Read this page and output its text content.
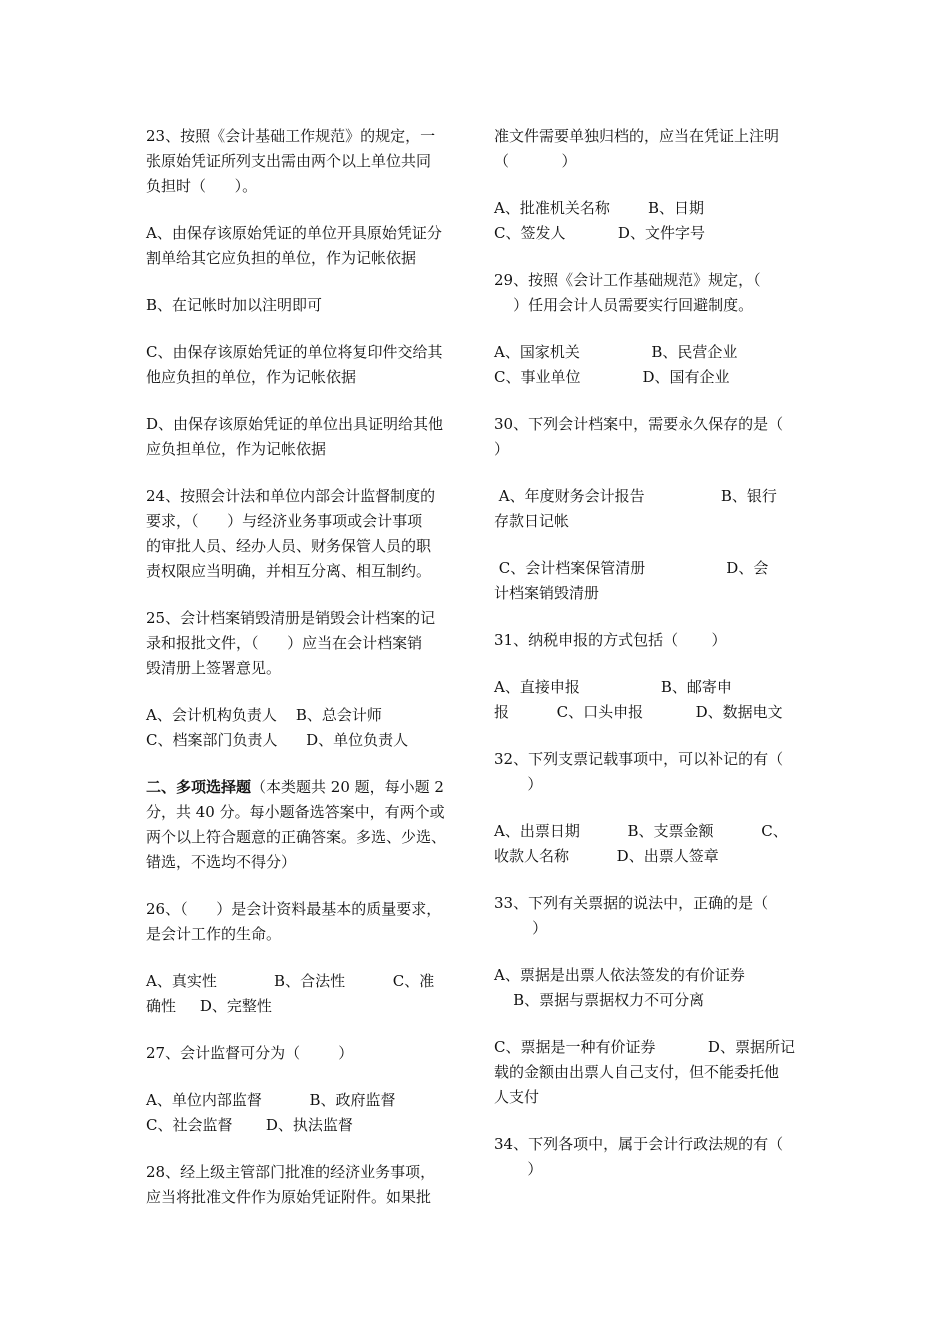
23、按照《会计基础工作规范》的规定，一
张原始凭证所列支出需由两个以上单位共同
负担时（      ）。
A、由保存该原始凭证的单位开具原始凭证分
割单给其它应负担的单位，作为记帐依据
B、在记帐时加以注明即可
C、由保存该原始凭证的单位将复印件交给其
他应负担的单位，作为记帐依据
D、由保存该原始凭证的单位出具证明给其他
应负担单位，作为记帐依据
24、按照会计法和单位内部会计监督制度的
要求，（      ）与经济业务事项或会计事项
的审批人员、经办人员、财务保管人员的职
责权限应当明确，并相互分离、相互制约。
25、会计档案销毁清册是销毁会计档案的记
录和报批文件，（      ）应当在会计档案销
毁清册上签署意见。
A、会计机构负责人    B、总会计师
C、档案部门负责人      D、单位负责人
二、多项选择题（本类题共 20 题，每小题 2
分，共 40 分。每小题备选答案中，有两个或
两个以上符合题意的正确答案。多选、少选、
错选，不选均不得分）
26、（      ）是会计资料最基本的质量要求，
是会计工作的生命。
A、真实性            B、合法性          C、准
确性     D、完整性
27、会计监督可分为（        ）
A、单位内部监督          B、政府监督
C、社会监督       D、执法监督
28、经上级主管部门批准的经济业务事项，
应当将批准文件作为原始凭证附件。如果批
准文件需要单独归档的，应当在凭证上注明
（           ）
A、批准机关名称        B、日期
C、签发人           D、文件字号
29、按照《会计工作基础规范》规定，（
）任用会计人员需要实行回避制度。
A、国家机关               B、民营企业
C、事业单位             D、国有企业
30、下列会计档案中，需要永久保存的是（
）
A、年度财务会计报告                B、银行
存款日记帐
C、会计档案保管清册                 D、会
计档案销毁清册
31、纳税申报的方式包括（       ）
A、直接申报                 B、邮寄申
报          C、口头申报           D、数据电文
32、下列支票记载事项中，可以补记的有（
）
A、出票日期          B、支票金额          C、
收款人名称          D、出票人签章
33、下列有关票据的说法中，正确的是（
）
A、票据是出票人依法签发的有价证券
B、票据与票据权力不可分离
C、票据是一种有价证券           D、票据所记
载的金额由出票人自己支付，但不能委托他
人支付
34、下列各项中，属于会计行政法规的有（
）
